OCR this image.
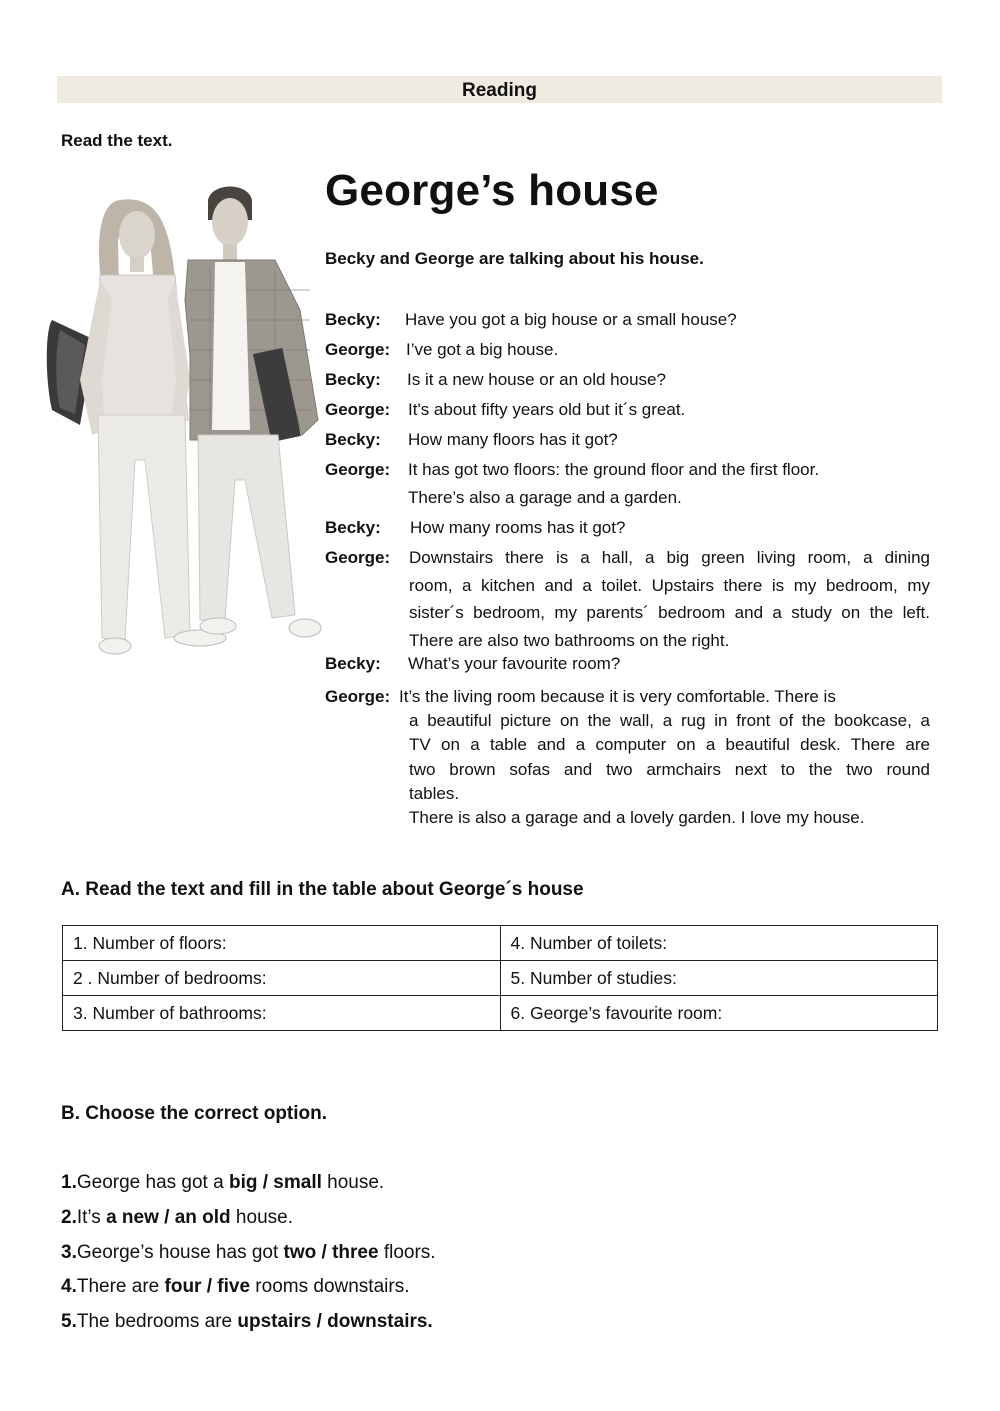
Reading
Read the text.
George’s house
Becky and George are talking about his house.
Becky: Have you got a big house or a small house?
George: I’ve got a big house.
Becky: Is it a new house or an old house?
George: It's about fifty years old but it´s great.
Becky: How many floors has it got?
George: It has got two floors: the ground floor and the first floor.
There’s also a garage and a garden.
Becky: How many rooms has it got?
George: Downstairs there is a hall, a big green living room, a dining
room, a kitchen and a toilet. Upstairs there is my bedroom, my
sister´s bedroom, my parents´ bedroom and a study on the left.
There are also two bathrooms on the right.
Becky: What’s your favourite room?
George: It’s the living room because it is very comfortable. There is
a beautiful picture on the wall, a rug in front of the bookcase, a
TV on a table and a computer on a beautiful desk. There are
two brown sofas and two armchairs next to the two round
tables.
There is also a garage and a lovely garden. I love my house.
A. Read the text and fill in the table about George´s house
1. Number of floors:	4. Number of toilets:
2 . Number of bedrooms:	5. Number of studies:
3. Number of bathrooms:	6. George’s favourite room:
B. Choose the correct option.
1.George has got a big / small house.
2.It’s a new / an old house.
3.George’s house has got two / three floors.
4.There are four / five rooms downstairs.
5.The bedrooms are upstairs / downstairs.
